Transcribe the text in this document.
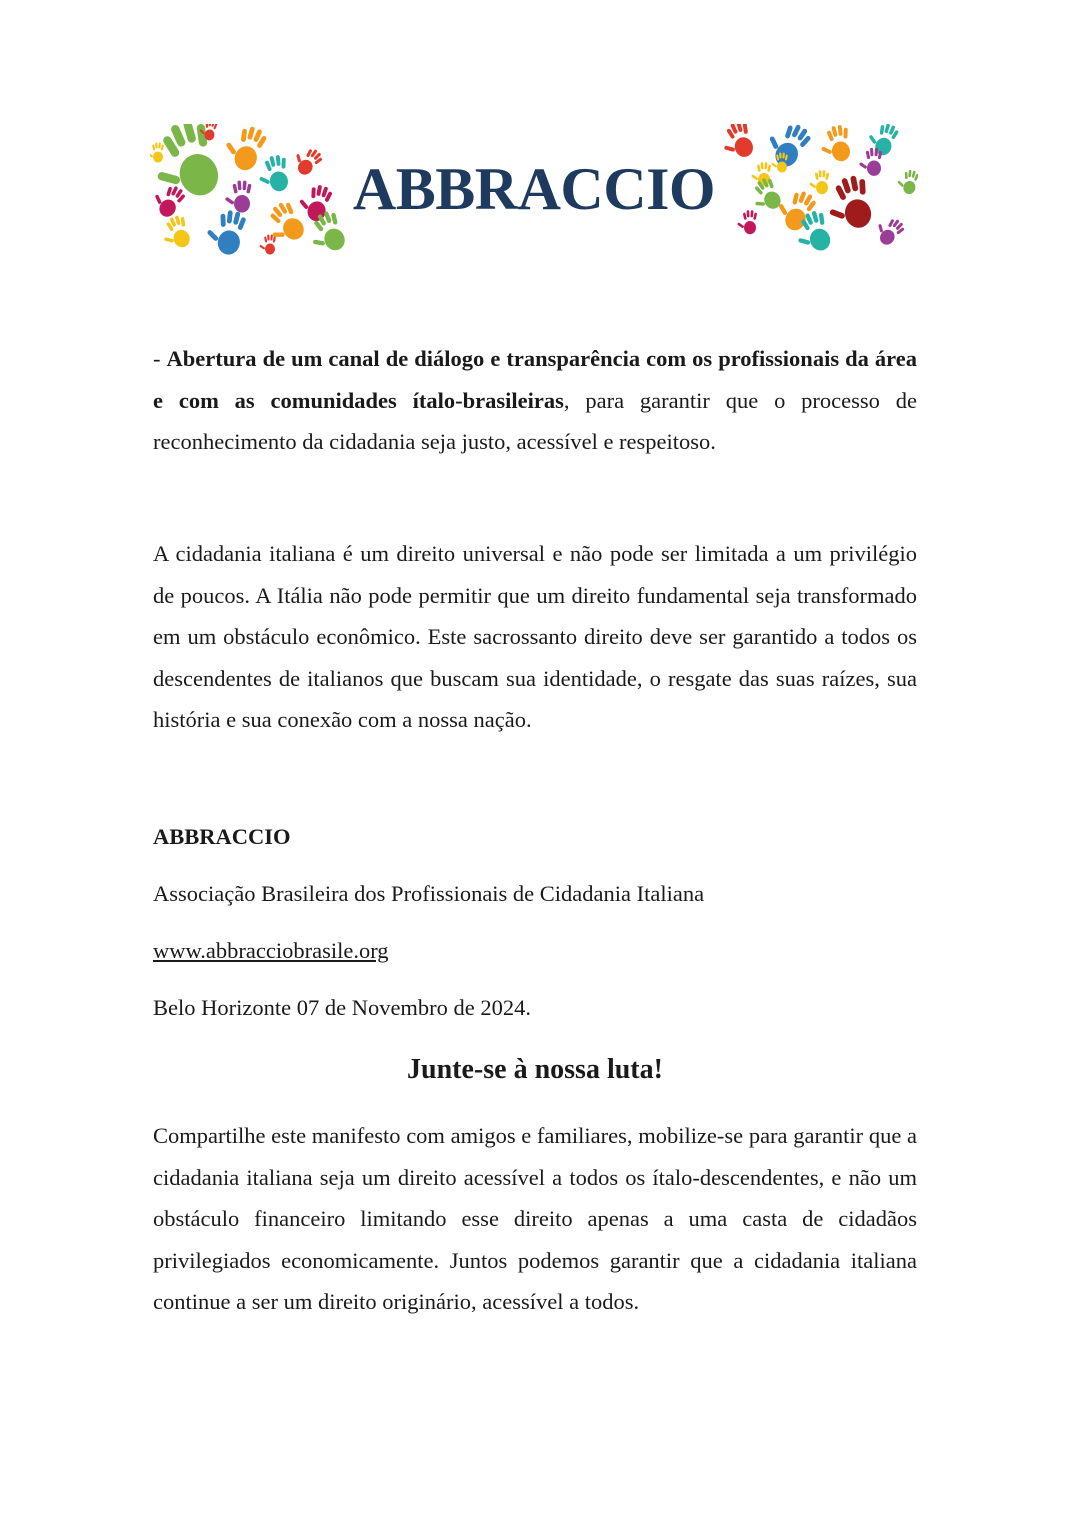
ABBRACCIO

- Abertura de um canal de diálogo e transparência com os profissionais da área e com as comunidades ítalo-brasileiras, para garantir que o processo de reconhecimento da cidadania seja justo, acessível e respeitoso.

A cidadania italiana é um direito universal e não pode ser limitada a um privilégio de poucos. A Itália não pode permitir que um direito fundamental seja transformado em um obstáculo econômico. Este sacrossanto direito deve ser garantido a todos os descendentes de italianos que buscam sua identidade, o resgate das suas raízes, sua história e sua conexão com a nossa nação.

ABBRACCIO

Associação Brasileira dos Profissionais de Cidadania Italiana

www.abbracciobrasile.org

Belo Horizonte 07 de Novembro de 2024.

Junte-se à nossa luta!

Compartilhe este manifesto com amigos e familiares, mobilize-se para garantir que a cidadania italiana seja um direito acessível a todos os ítalo-descendentes, e não um obstáculo financeiro limitando esse direito apenas a uma casta de cidadãos privilegiados economicamente. Juntos podemos garantir que a cidadania italiana continue a ser um direito originário, acessível a todos.
